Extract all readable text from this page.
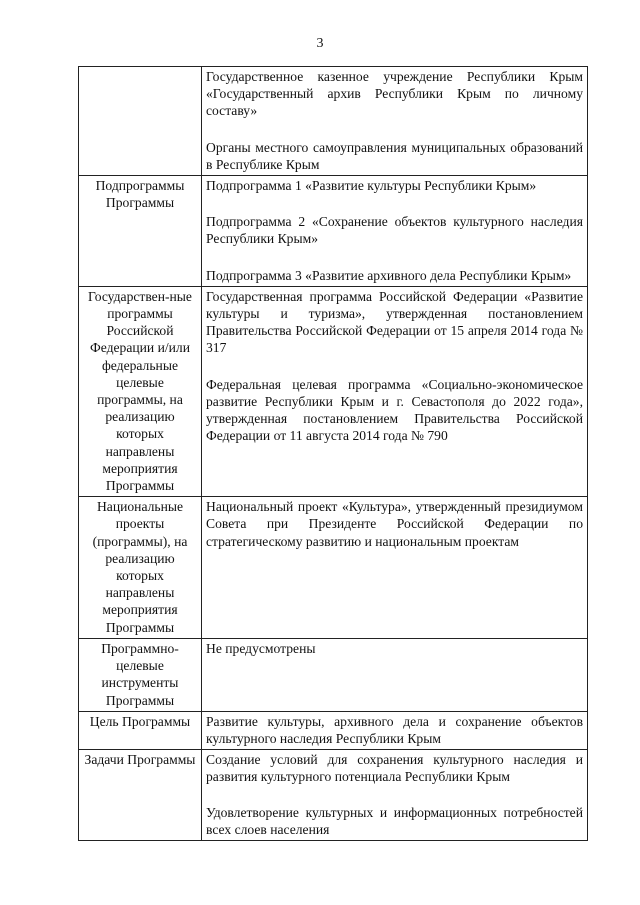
3

	Государственное казенное учреждение Республики Крым «Государственный архив Республики Крым по личному составу»
Органы местного самоуправления муниципальных образований в Республике Крым

Подпрограммы Программы	Подпрограмма 1 «Развитие культуры Республики Крым»
Подпрограмма 2 «Сохранение объектов культурного наследия Республики Крым»
Подпрограмма 3 «Развитие архивного дела Республики Крым»

Государствен-ные программы Российской Федерации и/или федеральные целевые программы, на реализацию которых направлены мероприятия Программы	Государственная программа Российской Федерации «Развитие культуры и туризма», утвержденная постановлением Правительства Российской Федерации от 15 апреля 2014 года № 317
Федеральная целевая программа «Социально-экономическое развитие Республики Крым и г. Севастополя до 2022 года», утвержденная постановлением Правительства Российской Федерации от 11 августа 2014 года № 790

Национальные проекты (программы), на реализацию которых направлены мероприятия Программы	Национальный проект «Культура», утвержденный президиумом Совета при Президенте Российской Федерации по стратегическому развитию и национальным проектам

Программно-целевые инструменты Программы	Не предусмотрены

Цель Программы	Развитие культуры, архивного дела и сохранение объектов культурного наследия Республики Крым

Задачи Программы	Создание условий для сохранения культурного наследия и развития культурного потенциала Республики Крым
Удовлетворение культурных и информационных потребностей всех слоев населения
